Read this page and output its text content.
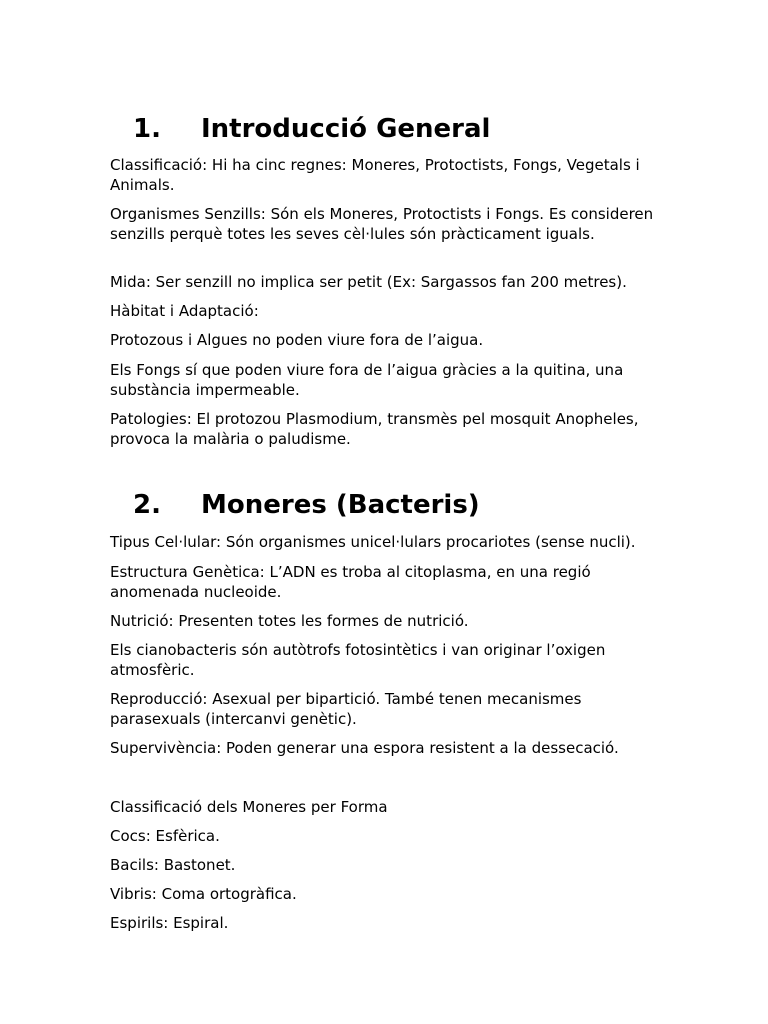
1. Introducció General

Classificació: Hi ha cinc regnes: Moneres, Protoctists, Fongs, Vegetals i Animals.

Organismes Senzills: Són els Moneres, Protoctists i Fongs. Es consideren senzills perquè totes les seves cèl·lules són pràcticament iguals.

Mida: Ser senzill no implica ser petit (Ex: Sargassos fan 200 metres).

Hàbitat i Adaptació:

Protozous i Algues no poden viure fora de l’aigua.

Els Fongs sí que poden viure fora de l’aigua gràcies a la quitina, una substància impermeable.

Patologies: El protozou Plasmodium, transmès pel mosquit Anopheles, provoca la malària o paludisme.

2. Moneres (Bacteris)

Tipus Cel·lular: Són organismes unicel·lulars procariotes (sense nucli).

Estructura Genètica: L’ADN es troba al citoplasma, en una regió anomenada nucleoide.

Nutrició: Presenten totes les formes de nutrició.

Els cianobacteris són autòtrofs fotosintètics i van originar l’oxigen atmosfèric.

Reproducció: Asexual per bipartició. També tenen mecanismes parasexuals (intercanvi genètic).

Supervivència: Poden generar una espora resistent a la dessecació.

Classificació dels Moneres per Forma

Cocs: Esfèrica.

Bacils: Bastonet.

Vibris: Coma ortogràfica.

Espirils: Espiral.
